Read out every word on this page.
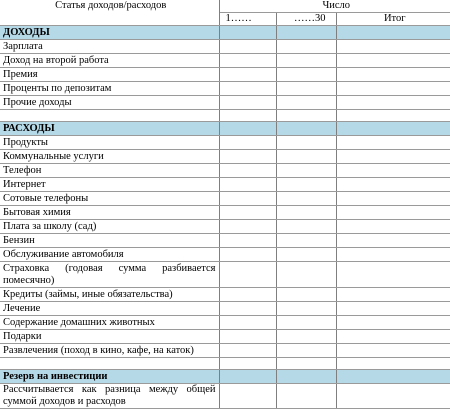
Статья доходов/расходов	Число		
	1……	……30	Итог
ДОХОДЫ			
Зарплата			
Доход на второй работа			
Премия			
Проценты по депозитам			
Прочие доходы			

РАСХОДЫ			
Продукты			
Коммунальные услуги			
Телефон			
Интернет			
Сотовые телефоны			
Бытовая химия			
Плата за школу (сад)			
Бензин			
Обслуживание автомобиля			
Страховка (годовая сумма разбивается помесячно)			
Кредиты (займы, иные обязательства)			
Лечение			
Содержание домашних животных			
Подарки			
Развлечения (поход в кино, кафе, на каток)			

Резерв на инвестиции			
Рассчитывается как разница между общей суммой доходов и расходов			
